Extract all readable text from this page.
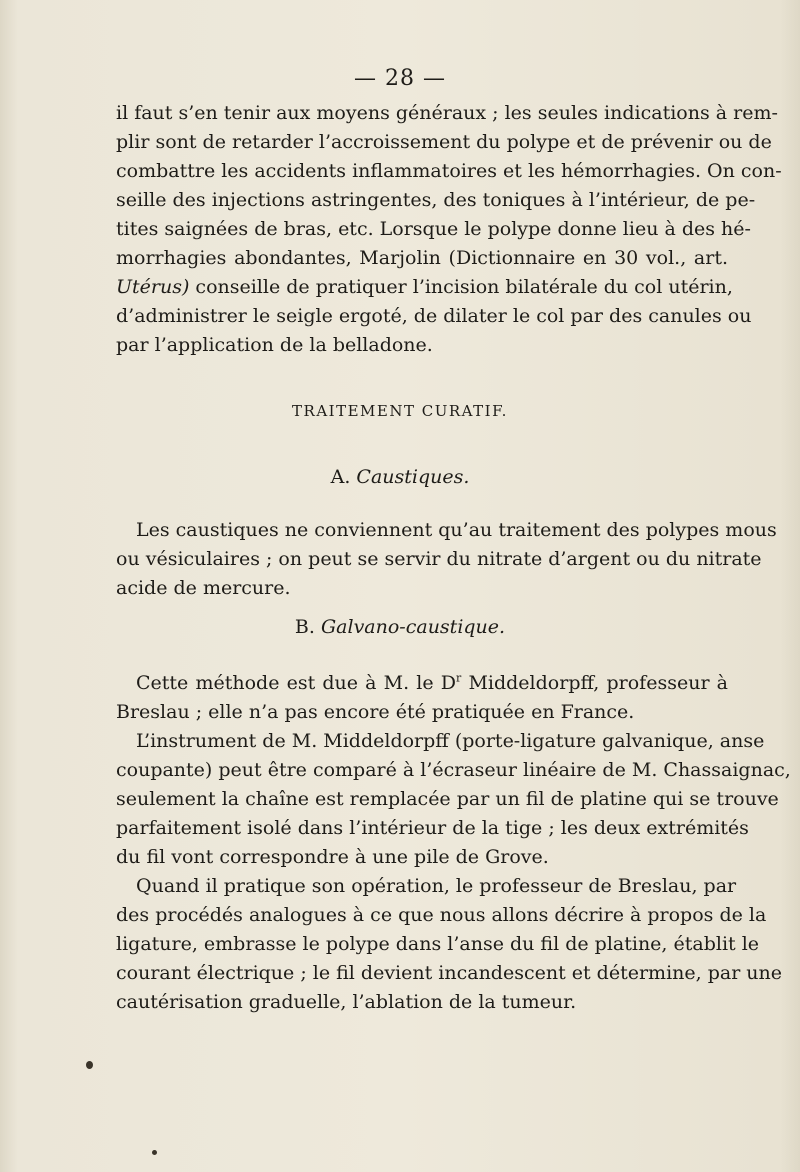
— 28 —
il faut s’en tenir aux moyens généraux ; les seules indications à rem-
plir sont de retarder l’accroissement du polype et de prévenir ou de
combattre les accidents inflammatoires et les hémorrhagies. On con-
seille des injections astringentes, des toniques à l’intérieur, de pe-
tites saignées de bras, etc. Lorsque le polype donne lieu à des hé-
morrhagies abondantes, Marjolin (Dictionnaire en 30 vol., art.
Utérus) conseille de pratiquer l’incision bilatérale du col utérin,
d’administrer le seigle ergoté, de dilater le col par des canules ou
par l’application de la belladone.
TRAITEMENT CURATIF.
A. Caustiques.
Les caustiques ne conviennent qu’au traitement des polypes mous
ou vésiculaires ; on peut se servir du nitrate d’argent ou du nitrate
acide de mercure.
B. Galvano-caustique.
Cette méthode est due à M. le $D^r$ Middeldorpff, professeur à
Breslau ; elle n’a pas encore été pratiquée en France.
L’instrument de M. Middeldorpff (porte-ligature galvanique, anse
coupante) peut être comparé à l’écraseur linéaire de M. Chassaignac,
seulement la chaîne est remplacée par un fil de platine qui se trouve
parfaitement isolé dans l’intérieur de la tige ; les deux extrémités
du fil vont correspondre à une pile de Grove.
Quand il pratique son opération, le professeur de Breslau, par
des procédés analogues à ce que nous allons décrire à propos de la
ligature, embrasse le polype dans l’anse du fil de platine, établit le
courant électrique ; le fil devient incandescent et détermine, par une
cautérisation graduelle, l’ablation de la tumeur.
